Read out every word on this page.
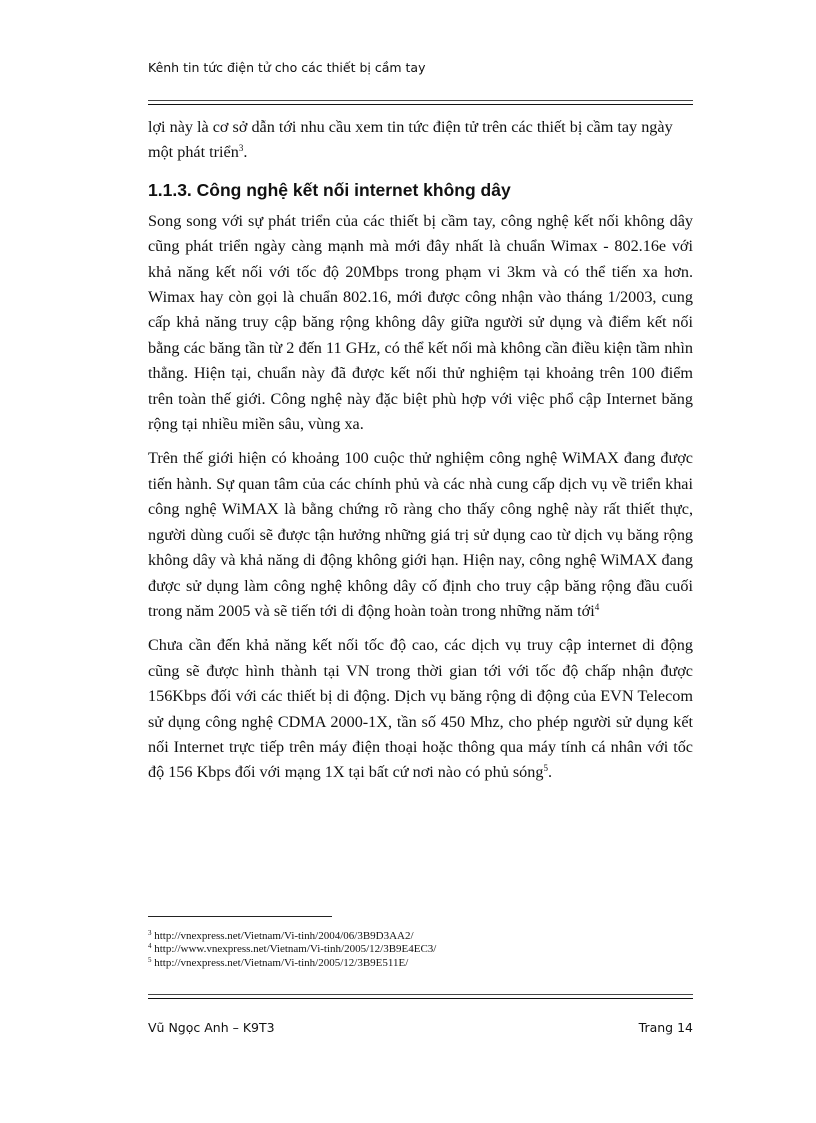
Kênh tin tức điện tử cho các thiết bị cầm tay

lợi này là cơ sở dẫn tới nhu cầu xem tin tức điện tử trên các thiết bị cầm tay ngày một phát triển$^3$.

1.1.3. Công nghệ kết nối internet không dây

Song song với sự phát triển của các thiết bị cầm tay, công nghệ kết nối không dây cũng phát triển ngày càng mạnh mà mới đây nhất là chuẩn Wimax - 802.16e với khả năng kết nối với tốc độ 20Mbps trong phạm vi 3km và có thể tiến xa hơn. Wimax hay còn gọi là chuẩn 802.16, mới được công nhận vào tháng 1/2003, cung cấp khả năng truy cập băng rộng không dây giữa người sử dụng và điểm kết nối bằng các băng tần từ 2 đến 11 GHz, có thể kết nối mà không cần điều kiện tầm nhìn thẳng. Hiện tại, chuẩn này đã được kết nối thử nghiệm tại khoảng trên 100 điểm trên toàn thế giới. Công nghệ này đặc biệt phù hợp với việc phổ cập Internet băng rộng tại nhiều miền sâu, vùng xa.

Trên thế giới hiện có khoảng 100 cuộc thử nghiệm công nghệ WiMAX đang được tiến hành. Sự quan tâm của các chính phủ và các nhà cung cấp dịch vụ về triển khai công nghệ WiMAX là bằng chứng rõ ràng cho thấy công nghệ này rất thiết thực, người dùng cuối sẽ được tận hưởng những giá trị sử dụng cao từ dịch vụ băng rộng không dây và khả năng di động không giới hạn. Hiện nay, công nghệ WiMAX đang được sử dụng làm công nghệ không dây cố định cho truy cập băng rộng đầu cuối trong năm 2005 và sẽ tiến tới di động hoàn toàn trong những năm tới$^4$

Chưa cần đến khả năng kết nối tốc độ cao, các dịch vụ truy cập internet di động cũng sẽ được hình thành tại VN trong thời gian tới với tốc độ chấp nhận được 156Kbps đối với các thiết bị di động. Dịch vụ băng rộng di động của EVN Telecom sử dụng công nghệ CDMA 2000-1X, tần số 450 Mhz, cho phép người sử dụng kết nối Internet trực tiếp trên máy điện thoại hoặc thông qua máy tính cá nhân với tốc độ 156 Kbps đối với mạng 1X tại bất cứ nơi nào có phủ sóng$^5$.

$^3$ http://vnexpress.net/Vietnam/Vi-tinh/2004/06/3B9D3AA2/
$^4$ http://www.vnexpress.net/Vietnam/Vi-tinh/2005/12/3B9E4EC3/
$^5$ http://vnexpress.net/Vietnam/Vi-tinh/2005/12/3B9E511E/
Vũ Ngọc Anh – K9T3	Trang 14
